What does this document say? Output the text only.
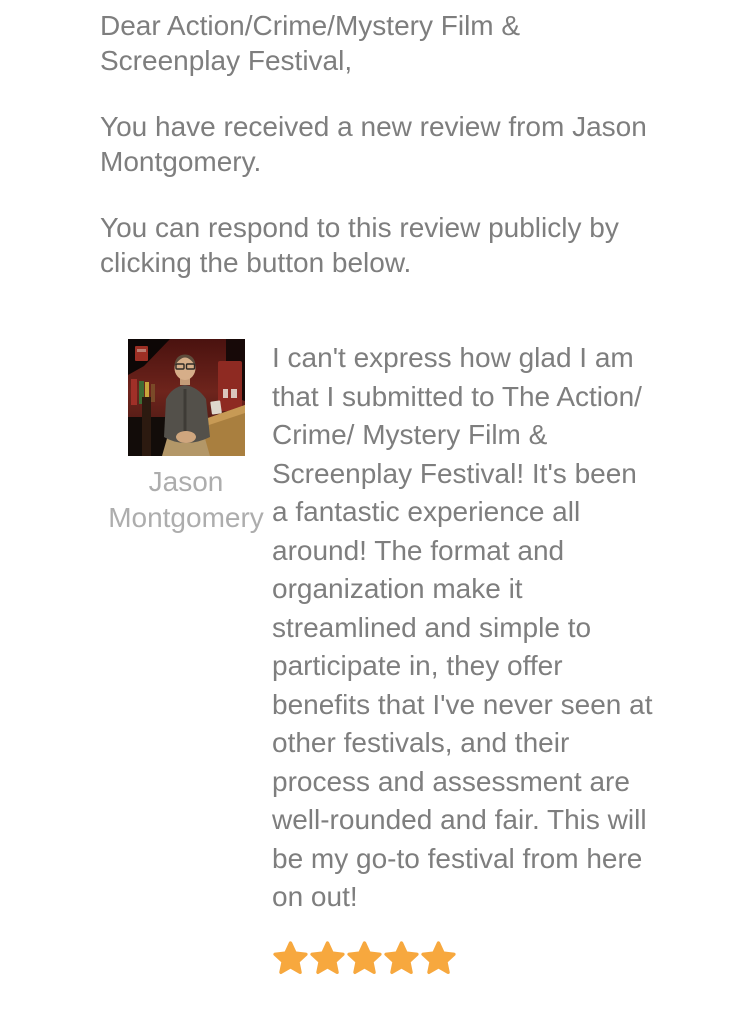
Dear Action/Crime/Mystery Film & Screenplay Festival,

You have received a new review from Jason Montgomery.

You can respond to this review publicly by clicking the button below.

Jason Montgomery

I can't express how glad I am that I submitted to The Action/ Crime/ Mystery Film & Screenplay Festival! It's been a fantastic experience all around! The format and organization make it streamlined and simple to participate in, they offer benefits that I've never seen at other festivals, and their process and assessment are well-rounded and fair. This will be my go-to festival from here on out!
